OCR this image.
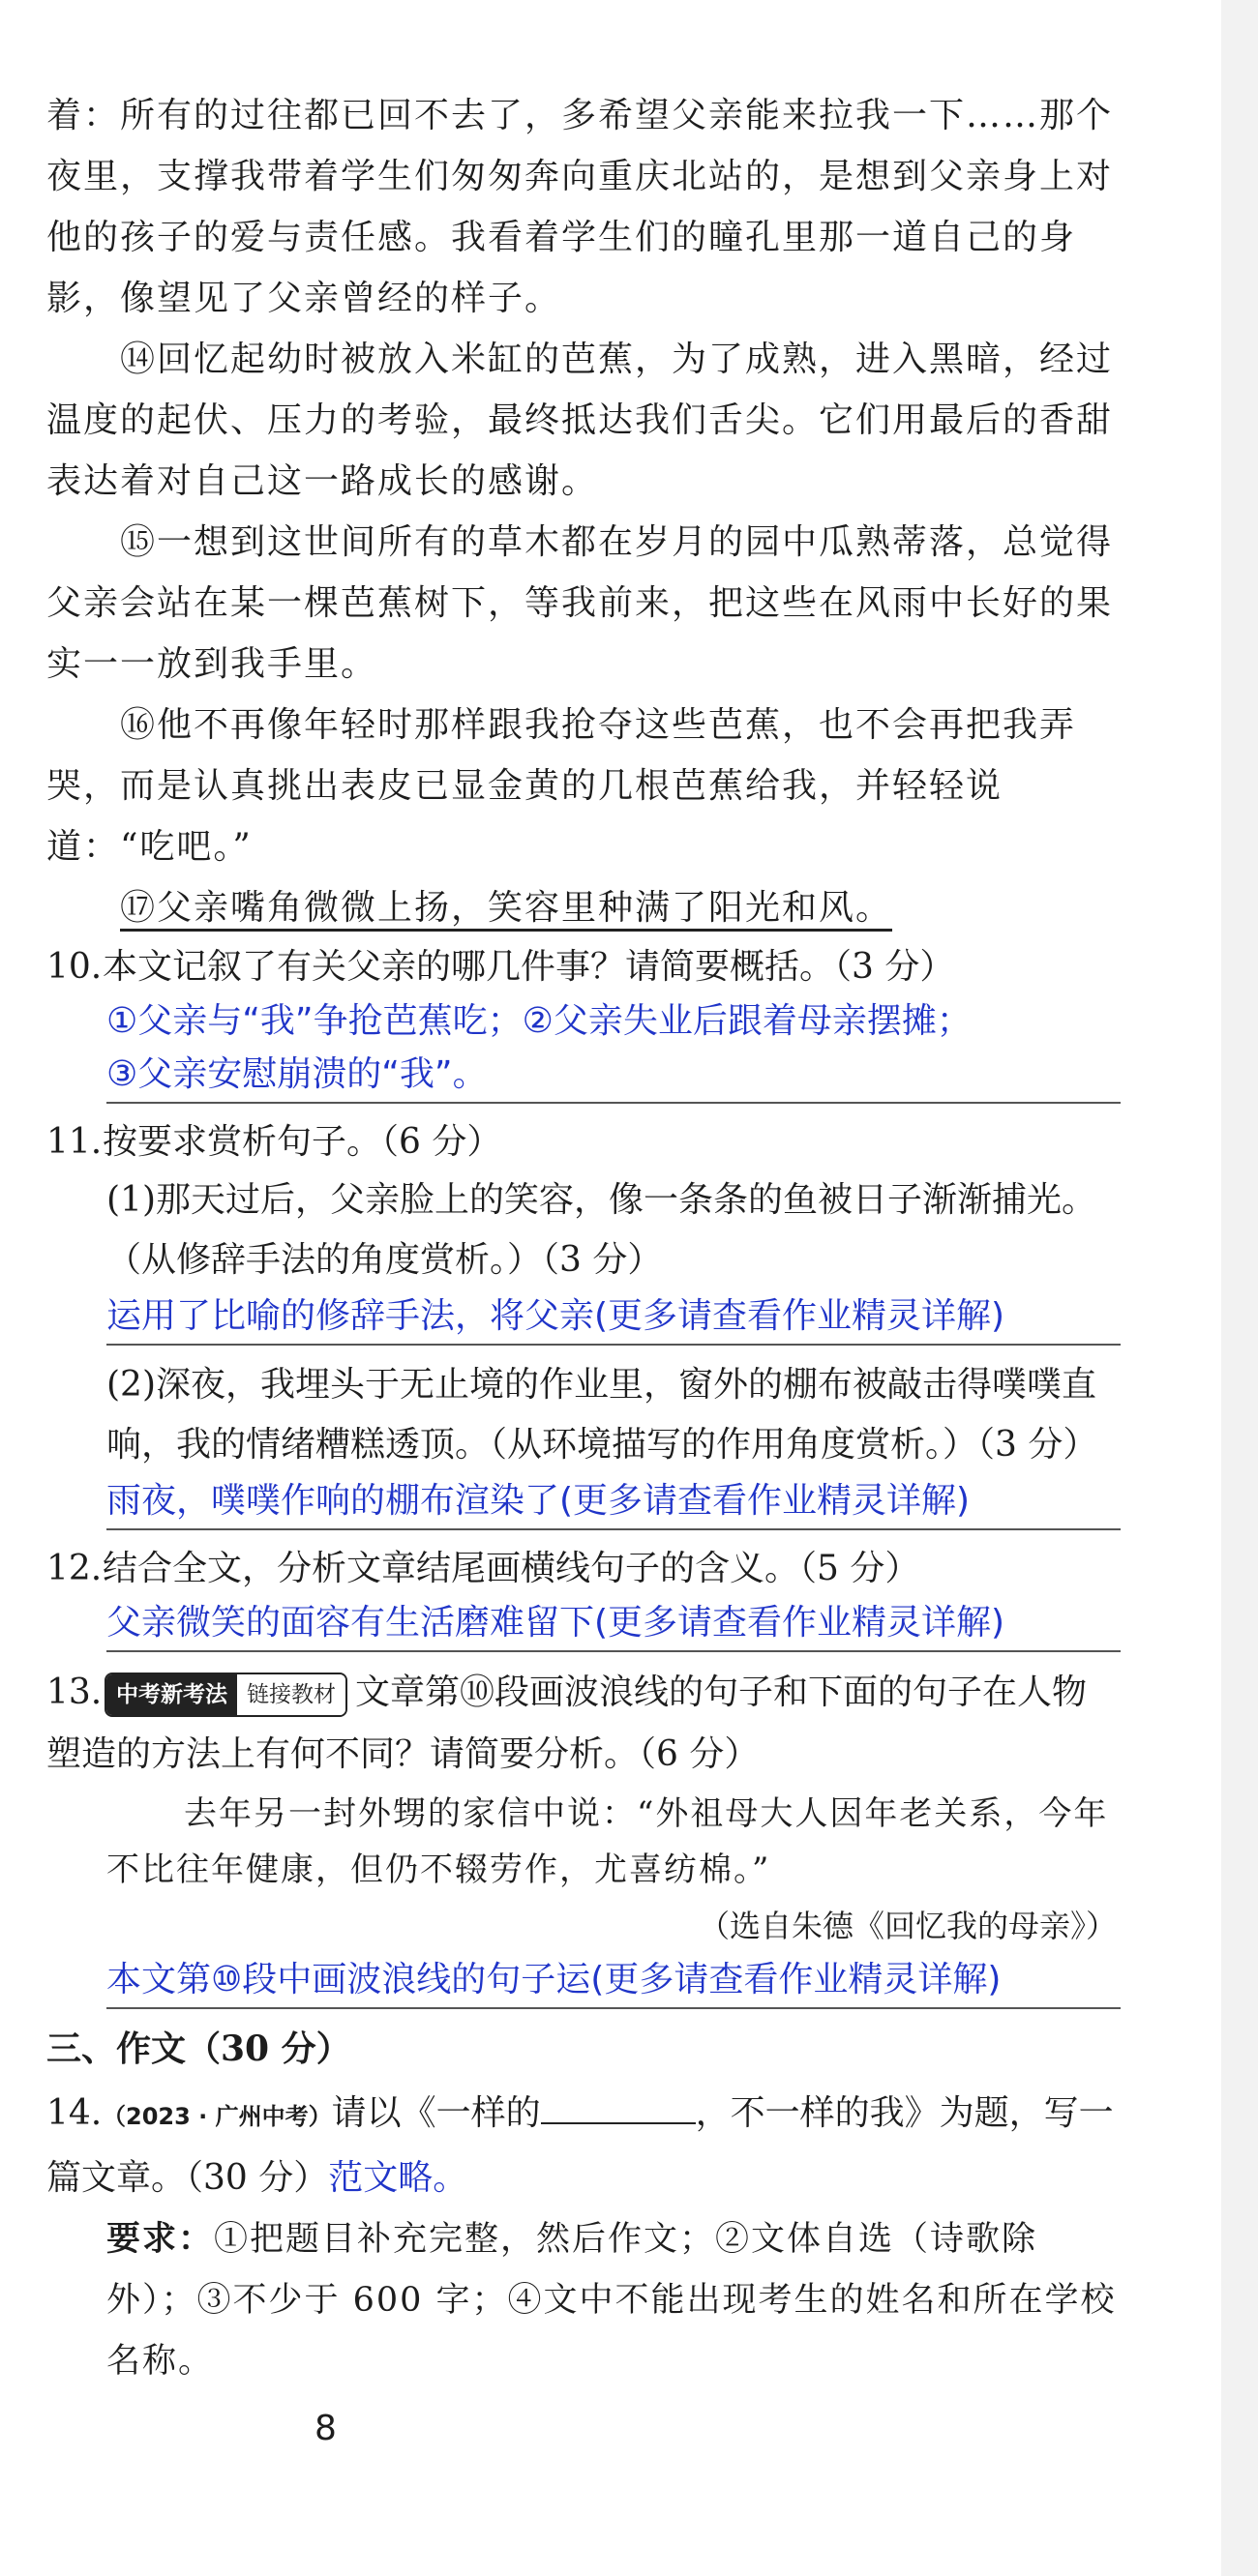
着：所有的过往都已回不去了，多希望父亲能来拉我一下……那个夜里，支撑我带着学生们匆匆奔向重庆北站的，是想到父亲身上对他的孩子的爱与责任感。我看着学生们的瞳孔里那一道自己的身影，像望见了父亲曾经的样子。

⑭回忆起幼时被放入米缸的芭蕉，为了成熟，进入黑暗，经过温度的起伏、压力的考验，最终抵达我们舌尖。它们用最后的香甜表达着对自己这一路成长的感谢。

⑮一想到这世间所有的草木都在岁月的园中瓜熟蒂落，总觉得父亲会站在某一棵芭蕉树下，等我前来，把这些在风雨中长好的果实一一放到我手里。

⑯他不再像年轻时那样跟我抢夺这些芭蕉，也不会再把我弄哭，而是认真挑出表皮已显金黄的几根芭蕉给我，并轻轻说道：“吃吧。”

⑰父亲嘴角微微上扬，笑容里种满了阳光和风。

10.本文记叙了有关父亲的哪几件事？请简要概括。（3 分）

①父亲与“我”争抢芭蕉吃；②父亲失业后跟着母亲摆摊；

③父亲安慰崩溃的“我”。

11.按要求赏析句子。（6 分）

(1)那天过后，父亲脸上的笑容，像一条条的鱼被日子渐渐捕光。（从修辞手法的角度赏析。）（3 分）

运用了比喻的修辞手法，将父亲(更多请查看作业精灵详解)

(2)深夜，我埋头于无止境的作业里，窗外的棚布被敲击得噗噗直响，我的情绪糟糕透顶。（从环境描写的作用角度赏析。）（3 分）

雨夜，噗噗作响的棚布渲染了(更多请查看作业精灵详解)

12.结合全文，分析文章结尾画横线句子的含义。（5 分）

父亲微笑的面容有生活磨难留下(更多请查看作业精灵详解)

13. 中考新考法 链接教材 文章第⑩段画波浪线的句子和下面的句子在人物塑造的方法上有何不同？请简要分析。（6 分）

去年另一封外甥的家信中说：“外祖母大人因年老关系，今年不比往年健康，但仍不辍劳作，尤喜纺棉。”

（选自朱德《回忆我的母亲》）

本文第⑩段中画波浪线的句子运(更多请查看作业精灵详解)

三、作文（30 分）

14.（2023 · 广州中考）请以《一样的	，不一样的我》为题，写一篇文章。（30 分）范文略。

要求：①把题目补充完整，然后作文；②文体自选（诗歌除外）；③不少于 600 字；④文中不能出现考生的姓名和所在学校名称。

8
